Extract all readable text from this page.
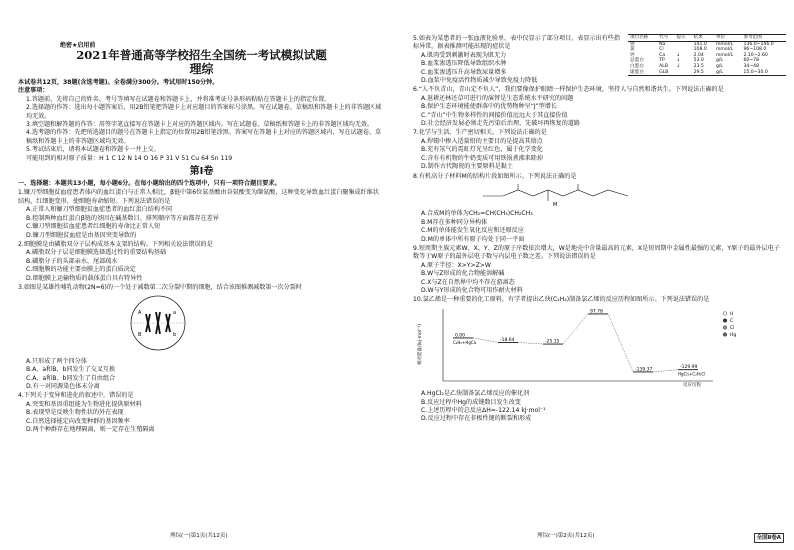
绝密★启用前
2021年普通高等学校招生全国统一考试模拟试题
理综

本试卷共12页，38题(含选考题)。全卷满分300分。考试用时150分钟。

注意事项：

1.答题前，先将自己的姓名、考号等填写在试题卷和答题卡上，并将准考证号条形码粘贴在答题卡上的指定位置。

2.选择题的作答：选出每小题答案后，用2B铅笔把答题卡上对应题目的答案标号涂黑。写在试题卷、草稿纸和答题卡上的非答题区域均无效。

3.填空题和解答题的作答：用签字笔直接写在答题卡上对应的答题区域内。写在试题卷、草稿纸和答题卡上的非答题区域均无效。

4.选考题的作答：先把所选题目的题号在答题卡上指定的位置用2B铅笔涂黑。答案写在答题卡上对应的答题区域内，写在试题卷、草稿纸和答题卡上的非答题区域均无效。

5.考试结束后，请将本试题卷和答题卡一并上交。

可能用到的相对原子质量：H 1 C 12 N 14 O 16 P 31 V 51 Cu 64 Sn 119

第Ⅰ卷

一、选择题：本题共13小题，每小题6分。在每小题给出的四个选项中，只有一项符合题目要求。

1.镰刀型细胞贫血症患者体内的血红蛋白与正常人相比，β链中第6位氨基酸由谷氨酸变为缬氨酸，这种变化导致血红蛋白聚集成纤维状结构，红细胞变形，使细胞寿命缩短。下列说法错误的是

A.正常人和镰刀型细胞贫血症患者的血红蛋白结构不同

B.控制两种血红蛋白β链的基因在碱基数目、排列顺序等方面都存在差异

C.镰刀型细胞贫血症患者红细胞的寿命比正常人短

D.镰刀型细胞贫血症是由基因突变导致的

2.细胞膜是由磷脂双分子层构成基本支架的结构。下列相关说法错误的是

A.磷脂双分子层是细胞膜选择透过性的重要结构基础

B.磷脂分子的头部亲水，尾部疏水

C.细胞膜的功能主要由膜上的蛋白质决定

D.细胞膜上运输物质的载体蛋白具有特异性

3.如图是某雄性哺乳动物(2N=6)的一个处于减数第二次分裂中期的细胞，结合该图推测减数第一次分裂时

A	a
B	b

A.只形成了两个四分体

B.A、a和B、b同发生了交叉互换

C.A、a和B、b同发生了自由组合

D.有一对同源染色体未分离

4.下列关于变异和进化的叙述中，错误的是

A.突变和基因重组能为生物进化提供原材料

B.表现型是反映生物性状的外在表现

C.自然选择能定向改变种群的基因频率

D.两个种群存在地理隔离，则一定存在生殖隔离

理综(一)第1页(共12页)
项目名称	代号	提示	结果	单位	参考范围
钠	Na		141.0	mmol/L	136.0~146.0
氯	Cl		108.0	mmol/L	96~108.0
钙	Ca	↓	2.04	mmol/L	2.10~2.60
总蛋白	TP	↓	53.0	g/L	60~78
白蛋白	ALB	↓	23.5	g/L	34~48
球蛋白	GLB		29.5	g/L	15.0~30.0

5.如表为某患者的一张血液化验单，表中仅显示了部分项目，表显示出有些指标异常。据表推测可能出现的症状是

A.肌肉受到刺激时表现为肌无力

B.血浆渗透压降低导致组织水肿

C.血浆渗透压升高导致尿量增多

D.血浆中免疫活性物质减少导致免疫力降低

6.“人不负青山，青山定不负人”，我们要像保护眼睛一样保护生态环境，坚持人与自然和谐共生。下列说法正确的是

A.退耕还林还草可进行的演替是生态系统水平研究的问题

B.保护生态环境能使群落中的优势物种呈“J”型增长

C.“青山”中生物多样性的间接价值远远大于其直接价值

D.社会经济发展必须走先污染后治理、先破坏再恢复的道路

7.化学与生活、生产密切相关。下列说法正确的是

A.焊锡中掺入适量铅的主要目的是提高其熔点

B.充有氖气的霓虹灯光呈红色，属于化学变化

C.含有有机物的牛奶变质可用铁锅煮沸来除掉

D.制作古代陶瓷的主要原料是黏土

8.有机高分子材料M的结构片段如图所示。下列说法正确的是

M

A.合成M的单体为CH₂=CH(CH₃)CH₂CH₃

B.M存在多种同分异构体

C.M的单体能发生氧化反应和还原反应

D.M的单体中所有原子均处于同一平面

9.短周期主族元素W、X、Y、Z的原子序数依次增大，W是地壳中含量最高的元素，X是短周期中金属性最强的元素，Y原子的最外层电子数等于W原子的最外层电子数与内层电子数之差。下列说法错误的是

A.原子半径：X>Y>Z>W

B.W与Z形成的化合物能溶解碱

C.X与Z在自然界中均不存在游离态

D.W与Y形成的化合物可用作耐火材料

10.氯乙烯是一种重要的化工原料，有学者提出乙炔(C₂H₂)制备氯乙烯的反应历程如图所示。下列说法错误的是

相对能量/(kJ·mol⁻¹)
反应历程
0.00
C₂H₂+HgCl₂	-18.64	-25.15
97.78
-139.37	-129.99
HgCl₂+C₂H₃Cl
H
C
Cl
Hg

A.HgCl₂是乙炔制备氯乙烯反应的催化剂

B.反应过程中Hg的成键数目发生改变

C.上述历程中的总反应ΔH=-122.14 kJ·mol⁻¹

D.反应过程中存在非极性键的断裂和形成

理综(一)第2页(共12页)	全国Ⅱ卷A
